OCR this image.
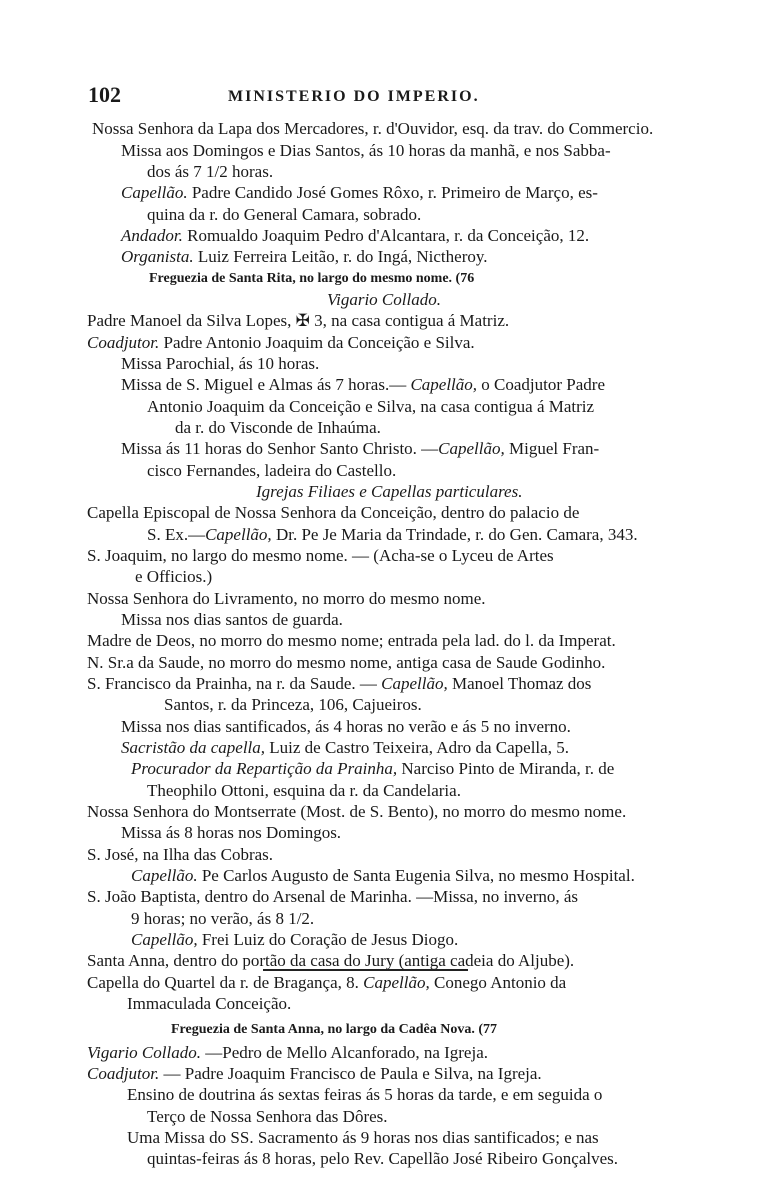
102	MINISTERIO DO IMPERIO.
Nossa Senhora da Lapa dos Mercadores, r. d'Ouvidor, esq. da trav. do Commercio.
Missa aos Domingos e Dias Santos, ás 10 horas da manhã, e nos Sabba-
dos ás 7 1/2 horas.
Capellão. Padre Candido José Gomes Rôxo, r. Primeiro de Março, es-
quina da r. do General Camara, sobrado.
Andador. Romualdo Joaquim Pedro d'Alcantara, r. da Conceição, 12.
Organista. Luiz Ferreira Leitão, r. do Ingá, Nictheroy.
Freguezia de Santa Rita, no largo do mesmo nome. (76
Vigario Collado.
Padre Manoel da Silva Lopes, ✠ 3, na casa contigua á Matriz.
Coadjutor. Padre Antonio Joaquim da Conceição e Silva.
Missa Parochial, ás 10 horas.
Missa de S. Miguel e Almas ás 7 horas.— Capellão, o Coadjutor Padre
Antonio Joaquim da Conceição e Silva, na casa contigua á Matriz
da r. do Visconde de Inhaúma.
Missa ás 11 horas do Senhor Santo Christo. —Capellão, Miguel Fran-
cisco Fernandes, ladeira do Castello.
Igrejas Filiaes e Capellas particulares.
Capella Episcopal de Nossa Senhora da Conceição, dentro do palacio de
S. Ex.—Capellão, Dr. Pe Je Maria da Trindade, r. do Gen. Camara, 343.
S. Joaquim, no largo do mesmo nome. — (Acha-se o Lyceu de Artes
e Officios.)
Nossa Senhora do Livramento, no morro do mesmo nome.
Missa nos dias santos de guarda.
Madre de Deos, no morro do mesmo nome; entrada pela lad. do l. da Imperat.
N. Sr.a da Saude, no morro do mesmo nome, antiga casa de Saude Godinho.
S. Francisco da Prainha, na r. da Saude. — Capellão, Manoel Thomaz dos
Santos, r. da Princeza, 106, Cajueiros.
Missa nos dias santificados, ás 4 horas no verão e ás 5 no inverno.
Sacristão da capella, Luiz de Castro Teixeira, Adro da Capella, 5.
Procurador da Repartição da Prainha, Narciso Pinto de Miranda, r. de
Theophilo Ottoni, esquina da r. da Candelaria.
Nossa Senhora do Montserrate (Most. de S. Bento), no morro do mesmo nome.
Missa ás 8 horas nos Domingos.
S. José, na Ilha das Cobras.
Capellão. Pe Carlos Augusto de Santa Eugenia Silva, no mesmo Hospital.
S. João Baptista, dentro do Arsenal de Marinha. —Missa, no inverno, ás
9 horas; no verão, ás 8 1/2.
Capellão, Frei Luiz do Coração de Jesus Diogo.
Santa Anna, dentro do portão da casa do Jury (antiga cadeia do Aljube).
Capella do Quartel da r. de Bragança, 8. Capellão, Conego Antonio da
Immaculada Conceição.
Freguezia de Santa Anna, no largo da Cadêa Nova. (77
Vigario Collado. —Pedro de Mello Alcanforado, na Igreja.
Coadjutor. — Padre Joaquim Francisco de Paula e Silva, na Igreja.
Ensino de doutrina ás sextas feiras ás 5 horas da tarde, e em seguida o
Terço de Nossa Senhora das Dôres.
Uma Missa do SS. Sacramento ás 9 horas nos dias santificados; e nas
quintas-feiras ás 8 horas, pelo Rev. Capellão José Ribeiro Gonçalves.
